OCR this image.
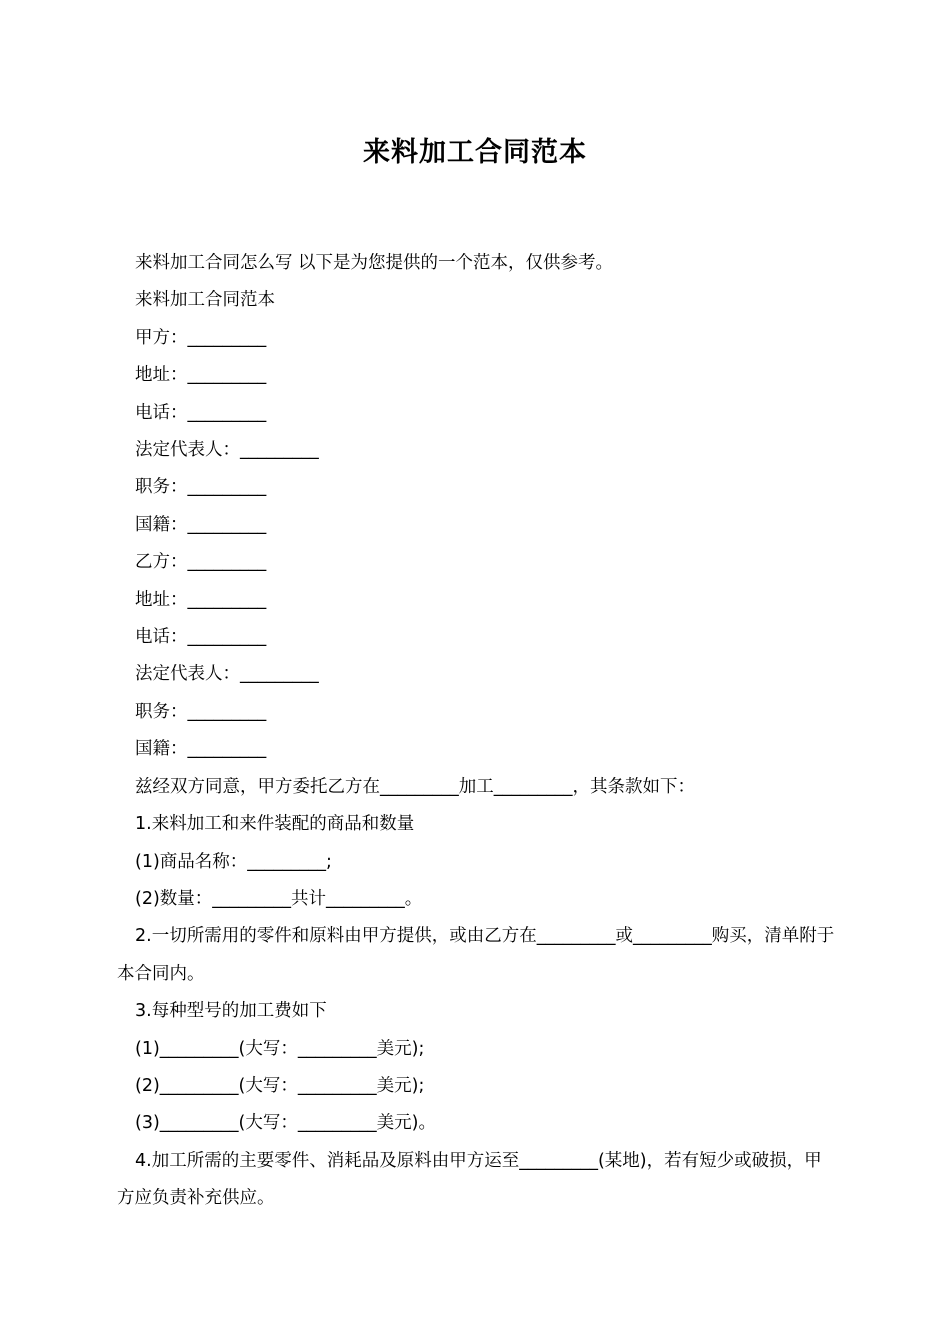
来料加工合同范本

来料加工合同怎么写 以下是为您提供的一个范本，仅供参考。

来料加工合同范本

甲方：_________

地址：_________

电话：_________

法定代表人：_________

职务：_________

国籍：_________

乙方：_________

地址：_________

电话：_________

法定代表人：_________

职务：_________

国籍：_________

兹经双方同意，甲方委托乙方在_________加工_________，其条款如下：

1.来料加工和来件装配的商品和数量

(1)商品名称：_________;

(2)数量：_________共计_________。

2.一切所需用的零件和原料由甲方提供，或由乙方在_________或_________购买，清单附于本合同内。

3.每种型号的加工费如下

(1)_________(大写：_________美元);

(2)_________(大写：_________美元);

(3)_________(大写：_________美元)。

4.加工所需的主要零件、消耗品及原料由甲方运至_________(某地)，若有短少或破损，甲方应负责补充供应。
